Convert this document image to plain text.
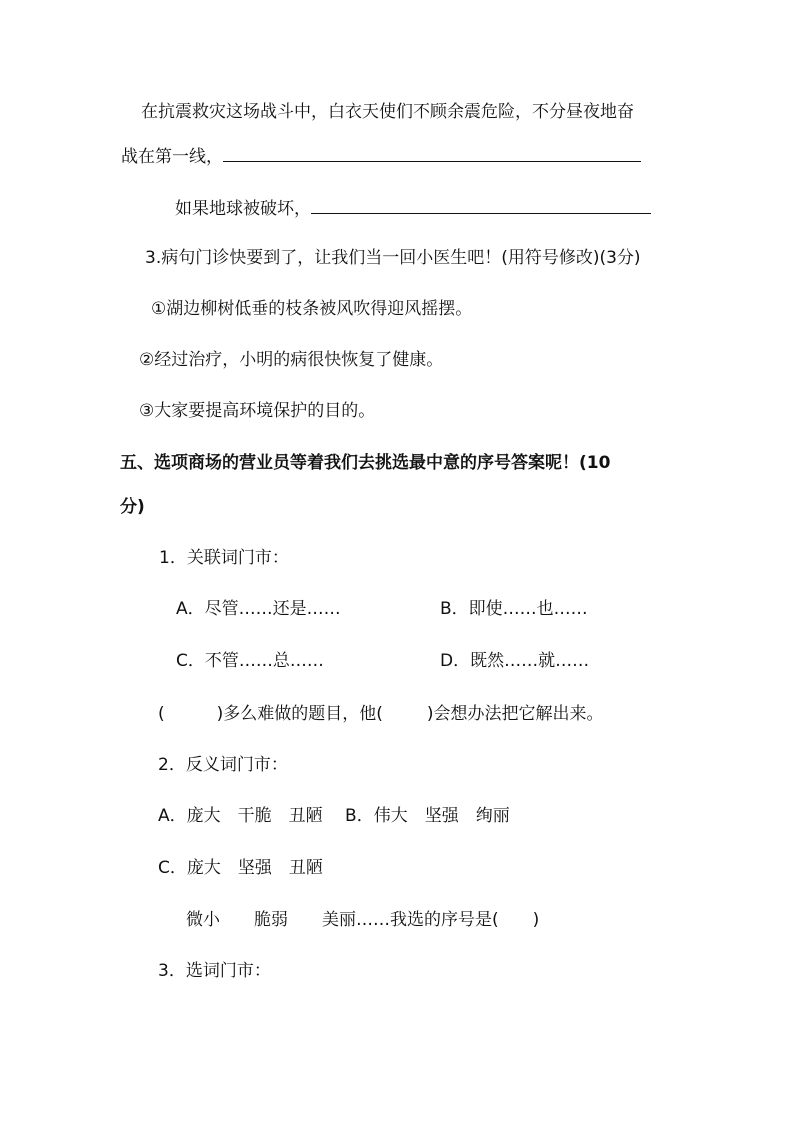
在抗震救灾这场战斗中，白衣天使们不顾余震危险，不分昼夜地奋
战在第一线，
如果地球被破坏，
3.病句门诊快要到了，让我们当一回小医生吧！(用符号修改)(3分)
①湖边柳树低垂的枝条被风吹得迎风摇摆。
②经过治疗，小明的病很快恢复了健康。
③大家要提高环境保护的目的。
五、选项商场的营业员等着我们去挑选最中意的序号答案呢！(10
分)
1．关联词门市：
A．尽管……还是……	B．即使……也……
C．不管……总……	D．既然……就……
(	)多么难做的题目，他(	)会想办法把它解出来。
2．反义词门市：
A．庞大　干脆　丑陋　 B．伟大　坚强　绚丽
C．庞大　坚强　丑陋
微小　　脆弱　　美丽……我选的序号是(　　)
3．选词门市：
